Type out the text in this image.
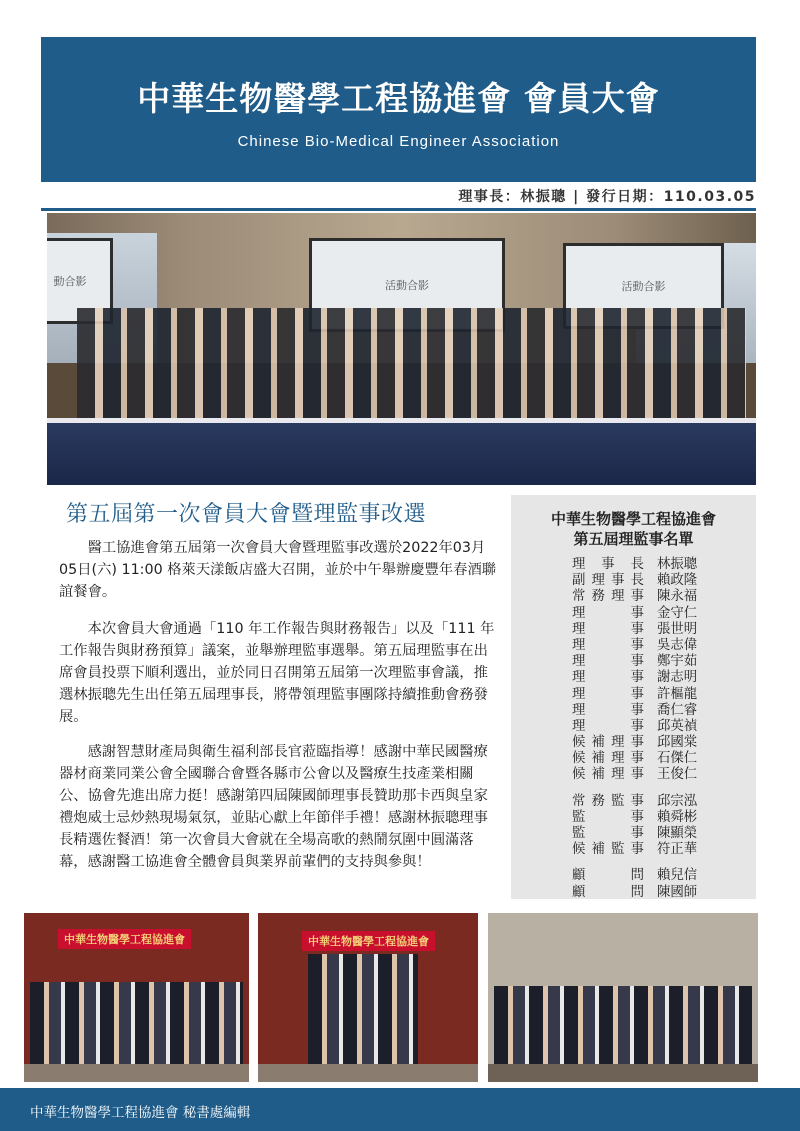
中華生物醫學工程協進會 會員大會
Chinese Bio-Medical Engineer Association
理事長：林振聰 | 發行日期：110.03.05
動合影	活動合影	活動合影
第五屆第一次會員大會暨理監事改選

醫工協進會第五屆第一次會員大會暨理監事改選於2022年03月05日(六) 11:00 格萊天漾飯店盛大召開，並於中午舉辦慶豐年春酒聯誼餐會。

本次會員大會通過「110 年工作報告與財務報告」以及「111 年工作報告與財務預算」議案，並舉辦理監事選舉。第五屆理監事在出席會員投票下順利選出，並於同日召開第五屆第一次理監事會議，推選林振聰先生出任第五屆理事長，將帶領理監事團隊持續推動會務發展。

感謝智慧財產局與衛生福利部長官蒞臨指導！感謝中華民國醫療器材商業同業公會全國聯合會暨各縣市公會以及醫療生技產業相關公、協會先進出席力挺！感謝第四屆陳國師理事長贊助那卡西與皇家禮炮威士忌炒熱現場氣氛，並貼心獻上年節伴手禮！感謝林振聰理事長精選佐餐酒！第一次會員大會就在全場高歌的熱鬧氛圍中圓滿落幕，感謝醫工協進會全體會員與業界前輩們的支持與參與！

中華生物醫學工程協進會
第五屆理監事名單
理事長 林振聰
副理事長 賴政隆
常務理事 陳永福
理事 金守仁
理事 張世明
理事 吳志偉
理事 鄭宇茹
理事 謝志明
理事 許樞龍
理事 喬仁睿
理事 邱英禎
候補理事 邱國棠
候補理事 石傑仁
候補理事 王俊仁
常務監事 邱宗泓
監事 賴舜彬
監事 陳顯榮
候補監事 符正華
顧問 賴兒信
顧問 陳國師
中華生物醫學工程協進會	中華生物醫學工程協進會
中華生物醫學工程協進會 秘書處編輯
